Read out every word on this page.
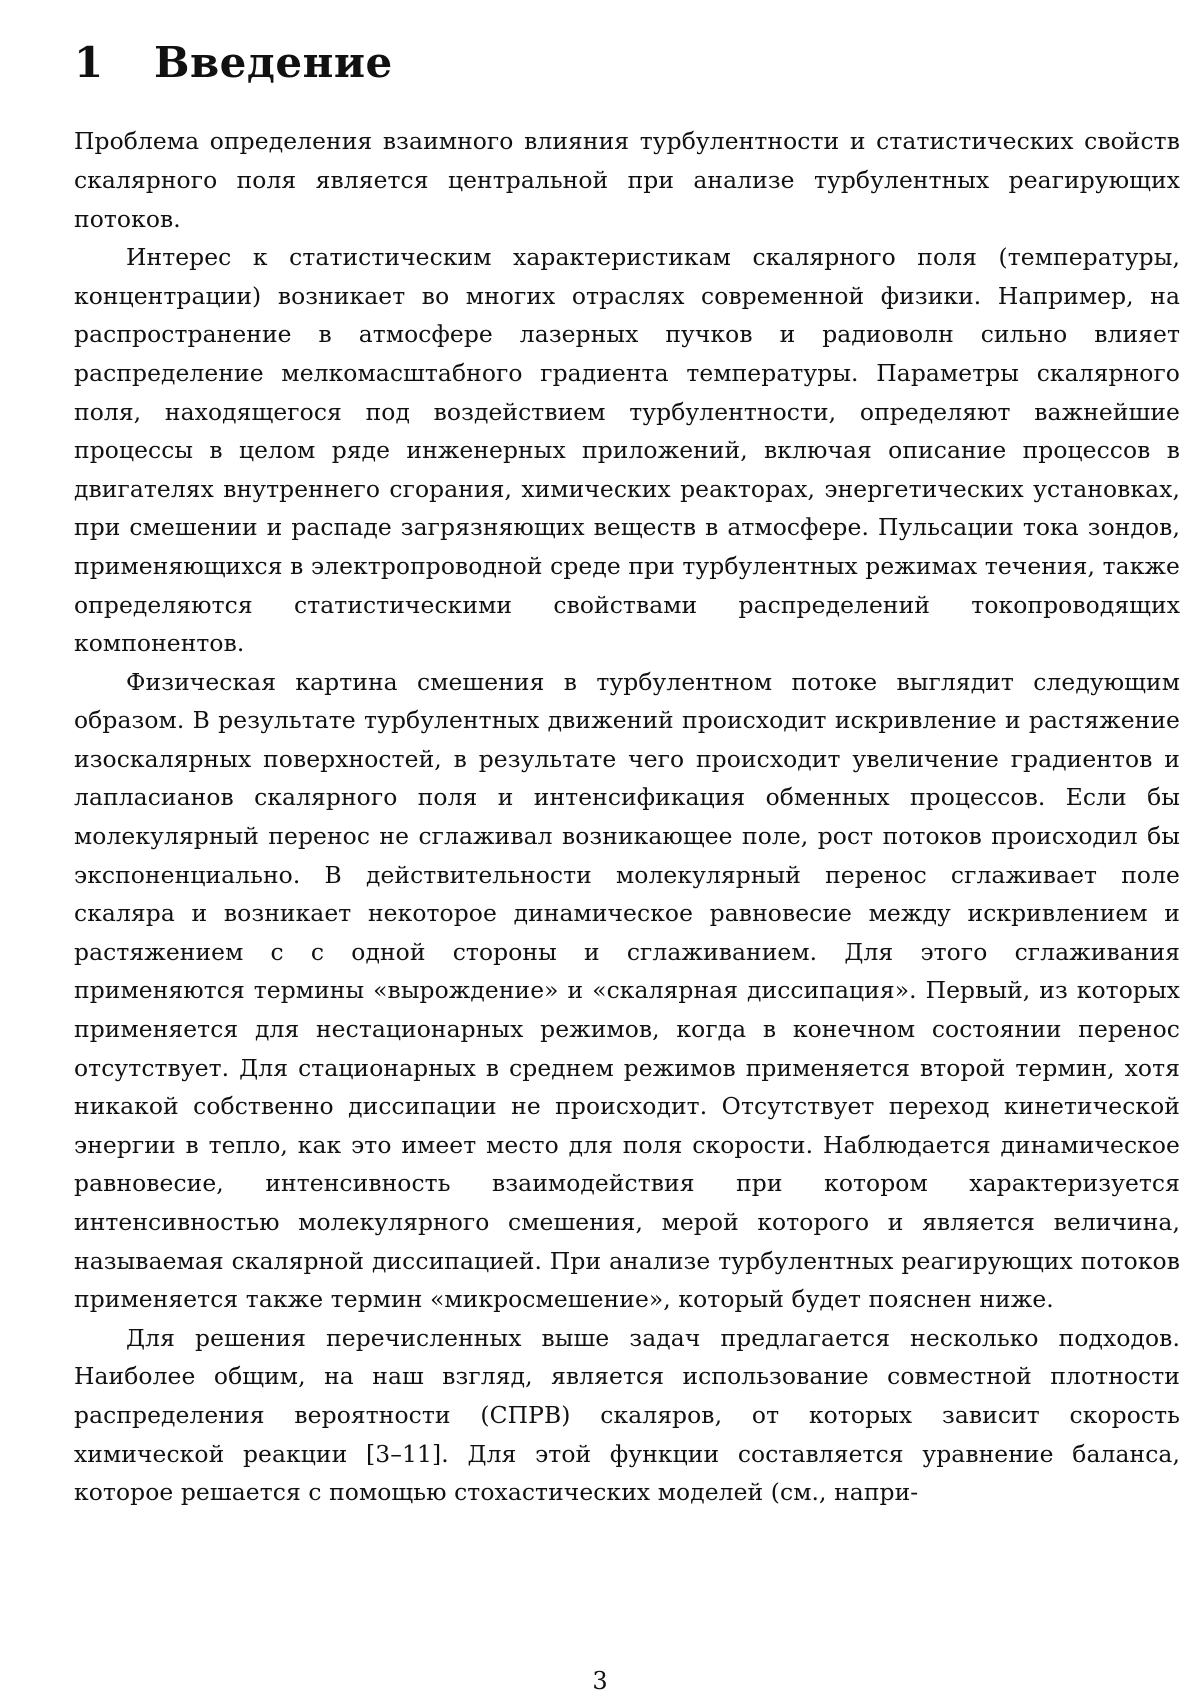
1 Введение

Проблема определения взаимного влияния турбулентности и статистических свойств скалярного поля является центральной при анализе турбулентных реагирующих потоков.

Интерес к статистическим характеристикам скалярного поля (температуры, концентрации) возникает во многих отраслях современной физики. Например, на распространение в атмосфере лазерных пучков и радиоволн сильно влияет распределение мелкомасштабного градиента температуры. Параметры скалярного поля, находящегося под воздействием турбулентности, определяют важнейшие процессы в целом ряде инженерных приложений, включая описание процессов в двигателях внутреннего сгорания, химических реакторах, энергетических установках, при смешении и распаде загрязняющих веществ в атмосфере. Пульсации тока зондов, применяющихся в электропроводной среде при турбулентных режимах течения, также определяются статистическими свойствами распределений токопроводящих компонентов.

Физическая картина смешения в турбулентном потоке выглядит следующим образом. В результате турбулентных движений происходит искривление и растяжение изоскалярных поверхностей, в результате чего происходит увеличение градиентов и лапласианов скалярного поля и интенсификация обменных процессов. Если бы молекулярный перенос не сглаживал возникающее поле, рост потоков происходил бы экспоненциально. В действительности молекулярный перенос сглаживает поле скаляра и возникает некоторое динамическое равновесие между искривлением и растяжением с с одной стороны и сглаживанием. Для этого сглаживания применяются термины «вырождение» и «скалярная диссипация». Первый, из которых применяется для нестационарных режимов, когда в конечном состоянии перенос отсутствует. Для стационарных в среднем режимов применяется второй термин, хотя никакой собственно диссипации не происходит. Отсутствует переход кинетической энергии в тепло, как это имеет место для поля скорости. Наблюдается динамическое равновесие, интенсивность взаимодействия при котором характеризуется интенсивностью молекулярного смешения, мерой которого и является величина, называемая скалярной диссипацией. При анализе турбулентных реагирующих потоков применяется также термин «микросмешение», который будет пояснен ниже.

Для решения перечисленных выше задач предлагается несколько подходов. Наиболее общим, на наш взгляд, является использование совместной плотности распределения вероятности (СПРВ) скаляров, от которых зависит скорость химической реакции [3–11]. Для этой функции составляется уравнение баланса, которое решается с помощью стохастических моделей (см., напри-

3
